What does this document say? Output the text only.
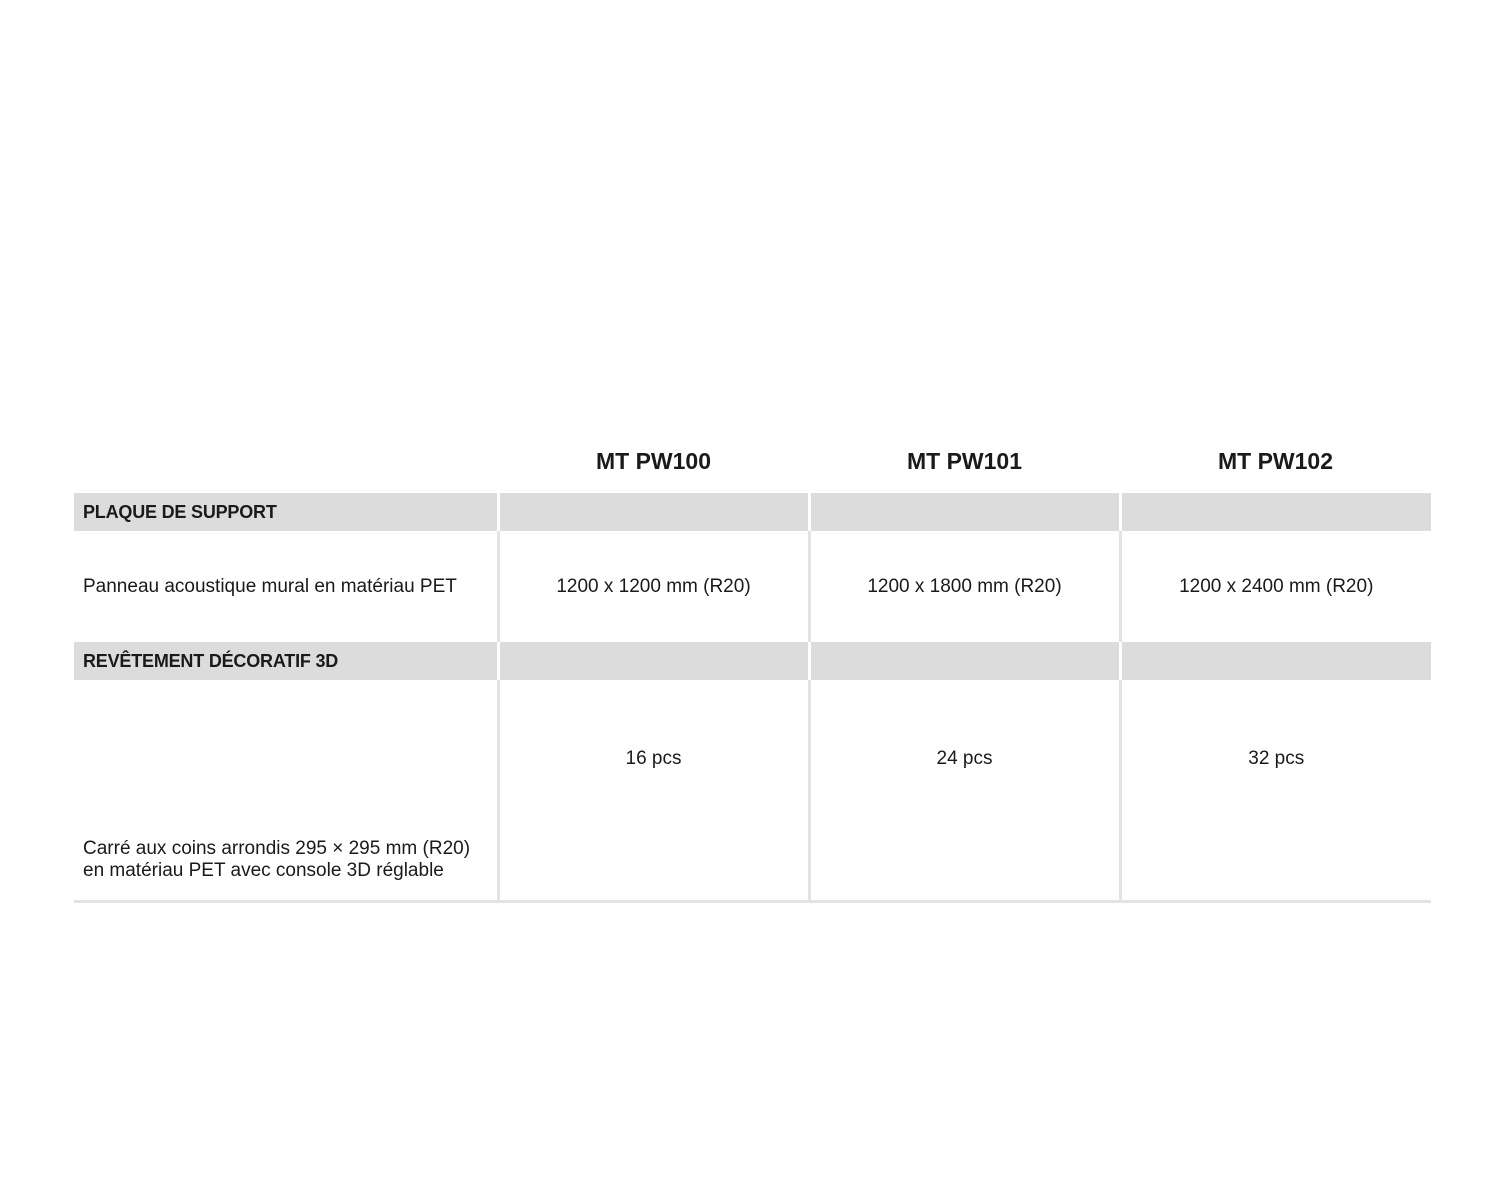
	MT PW100	MT PW101	MT PW102
PLAQUE DE SUPPORT			
Panneau acoustique mural en matériau PET	1200 x 1200 mm (R20)	1200 x 1800 mm (R20)	1200 x 2400 mm (R20)
REVÊTEMENT DÉCORATIF 3D			
Carré aux coins arrondis 295 × 295 mm (R20) en matériau PET avec console 3D réglable	16 pcs	24 pcs	32 pcs
